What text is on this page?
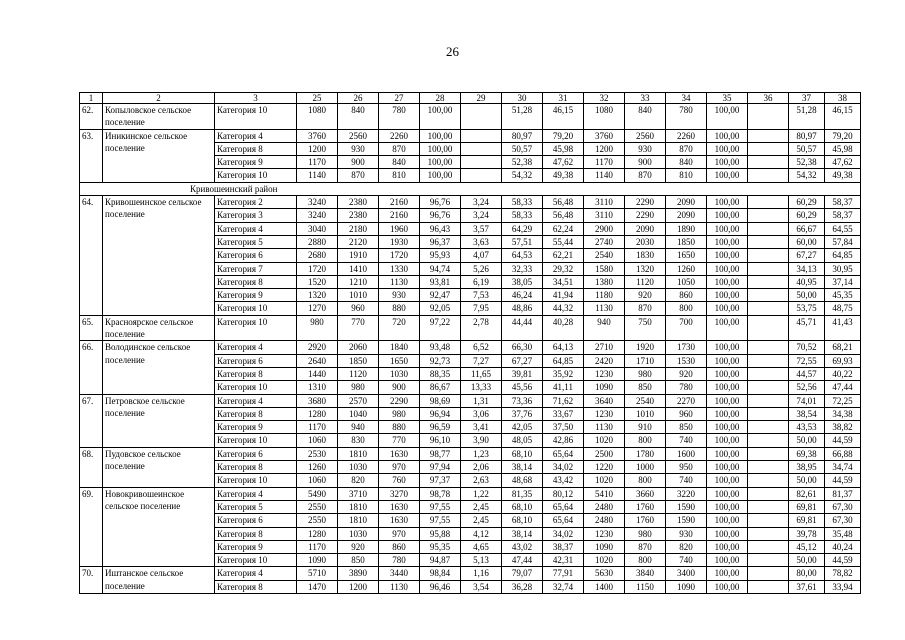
26
1	2	3	25	26	27	28	29	30	31	32	33	34	35	36	37	38
62.	Копыловское сельское поселение	Категория 10	1080	840	780	100,00		51,28	46,15	1080	840	780	100,00		51,28	46,15
63.	Иникинское сельское поселение	Категория 4	3760	2560	2260	100,00		80,97	79,20	3760	2560	2260	100,00		80,97	79,20
		Категория 8	1200	930	870	100,00		50,57	45,98	1200	930	870	100,00		50,57	45,98
		Категория 9	1170	900	840	100,00		52,38	47,62	1170	900	840	100,00		52,38	47,62
		Категория 10	1140	870	810	100,00		54,32	49,38	1140	870	810	100,00		54,32	49,38
Кривошеинский район																
64.	Кривошеинское сельское поселение	Категория 2	3240	2380	2160	96,76	3,24	58,33	56,48	3110	2290	2090	100,00		60,29	58,37
		Категория 3	3240	2380	2160	96,76	3,24	58,33	56,48	3110	2290	2090	100,00		60,29	58,37
		Категория 4	3040	2180	1960	96,43	3,57	64,29	62,24	2900	2090	1890	100,00		66,67	64,55
		Категория 5	2880	2120	1930	96,37	3,63	57,51	55,44	2740	2030	1850	100,00		60,00	57,84
		Категория 6	2680	1910	1720	95,93	4,07	64,53	62,21	2540	1830	1650	100,00		67,27	64,85
		Категория 7	1720	1410	1330	94,74	5,26	32,33	29,32	1580	1320	1260	100,00		34,13	30,95
		Категория 8	1520	1210	1130	93,81	6,19	38,05	34,51	1380	1120	1050	100,00		40,95	37,14
		Категория 9	1320	1010	930	92,47	7,53	46,24	41,94	1180	920	860	100,00		50,00	45,35
		Категория 10	1270	960	880	92,05	7,95	48,86	44,32	1130	870	800	100,00		53,75	48,75
65.	Красноярское сельское поселение	Категория 10	980	770	720	97,22	2,78	44,44	40,28	940	750	700	100,00		45,71	41,43
66.	Володинское сельское поселение	Категория 4	2920	2060	1840	93,48	6,52	66,30	64,13	2710	1920	1730	100,00		70,52	68,21
		Категория 6	2640	1850	1650	92,73	7,27	67,27	64,85	2420	1710	1530	100,00		72,55	69,93
		Категория 8	1440	1120	1030	88,35	11,65	39,81	35,92	1230	980	920	100,00		44,57	40,22
		Категория 10	1310	980	900	86,67	13,33	45,56	41,11	1090	850	780	100,00		52,56	47,44
67.	Петровское сельское поселение	Категория 4	3680	2570	2290	98,69	1,31	73,36	71,62	3640	2540	2270	100,00		74,01	72,25
		Категория 8	1280	1040	980	96,94	3,06	37,76	33,67	1230	1010	960	100,00		38,54	34,38
		Категория 9	1170	940	880	96,59	3,41	42,05	37,50	1130	910	850	100,00		43,53	38,82
		Категория 10	1060	830	770	96,10	3,90	48,05	42,86	1020	800	740	100,00		50,00	44,59
68.	Пудовское сельское поселение	Категория 6	2530	1810	1630	98,77	1,23	68,10	65,64	2500	1780	1600	100,00		69,38	66,88
		Категория 8	1260	1030	970	97,94	2,06	38,14	34,02	1220	1000	950	100,00		38,95	34,74
		Категория 10	1060	820	760	97,37	2,63	48,68	43,42	1020	800	740	100,00		50,00	44,59
69.	Новокривошеинское сельское поселение	Категория 4	5490	3710	3270	98,78	1,22	81,35	80,12	5410	3660	3220	100,00		82,61	81,37
		Категория 5	2550	1810	1630	97,55	2,45	68,10	65,64	2480	1760	1590	100,00		69,81	67,30
		Категория 6	2550	1810	1630	97,55	2,45	68,10	65,64	2480	1760	1590	100,00		69,81	67,30
		Категория 8	1280	1030	970	95,88	4,12	38,14	34,02	1230	980	930	100,00		39,78	35,48
		Категория 9	1170	920	860	95,35	4,65	43,02	38,37	1090	870	820	100,00		45,12	40,24
		Категория 10	1090	850	780	94,87	5,13	47,44	42,31	1020	800	740	100,00		50,00	44,59
70.	Иштанское сельское поселение	Категория 4	5710	3890	3440	98,84	1,16	79,07	77,91	5630	3840	3400	100,00		80,00	78,82
		Категория 8	1470	1200	1130	96,46	3,54	36,28	32,74	1400	1150	1090	100,00		37,61	33,94
